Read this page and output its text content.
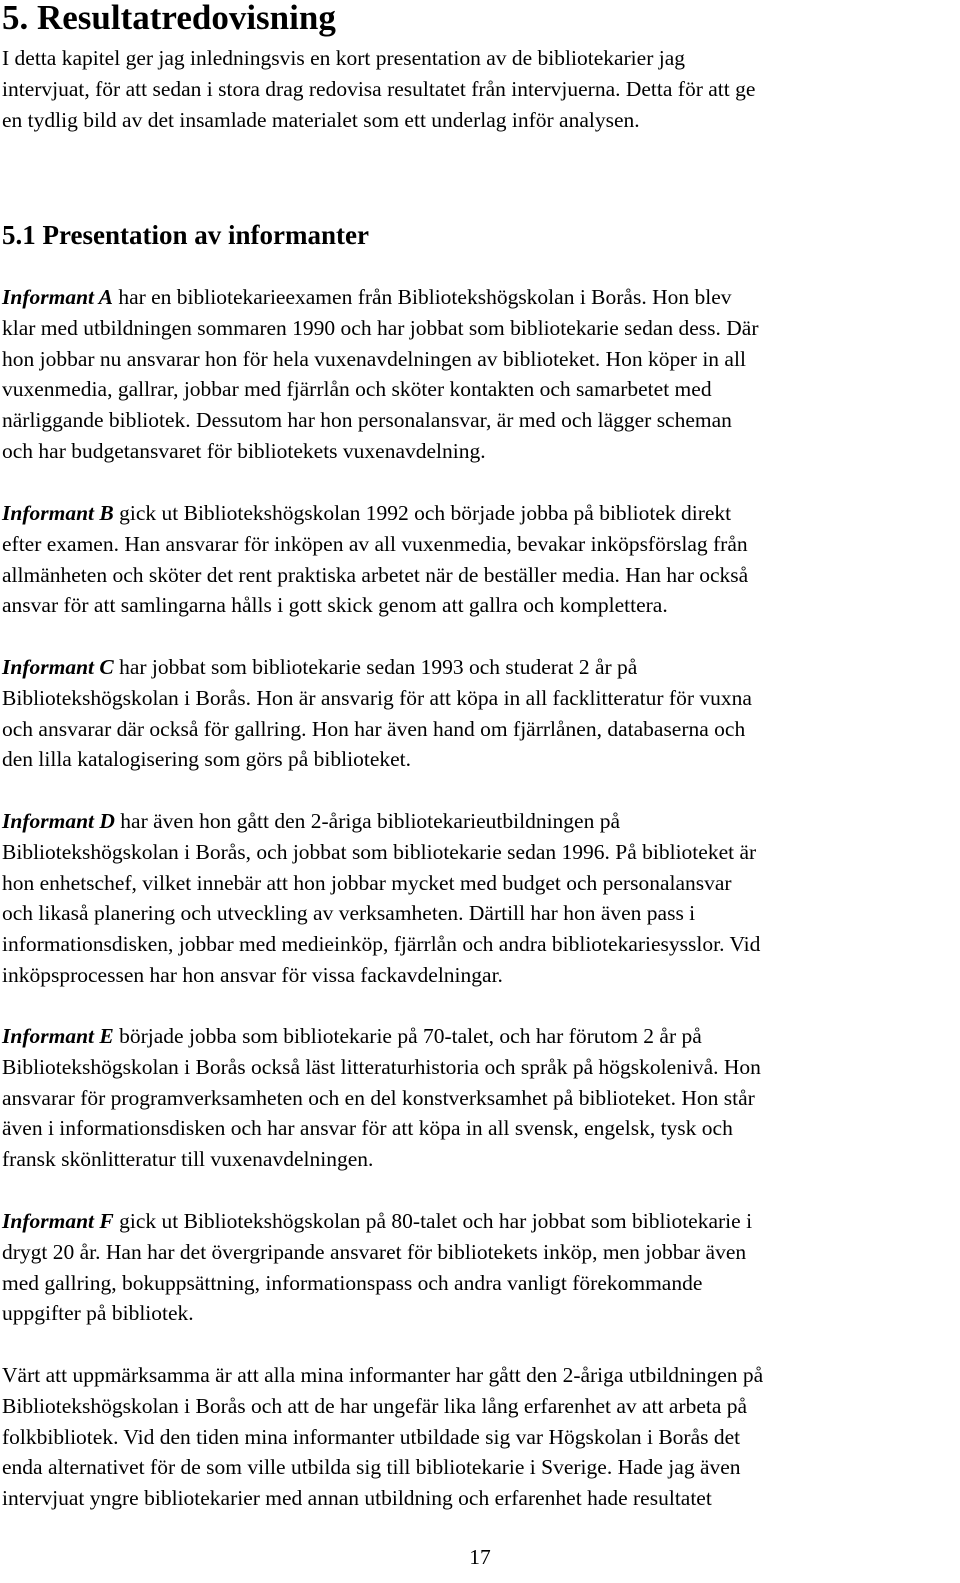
5. Resultatredovisning
I detta kapitel ger jag inledningsvis en kort presentation av de bibliotekarier jag
intervjuat, för att sedan i stora drag redovisa resultatet från intervjuerna. Detta för att ge
en tydlig bild av det insamlade materialet som ett underlag inför analysen.
5.1 Presentation av informanter
Informant A har en bibliotekarieexamen från Bibliotekshögskolan i Borås. Hon blev
klar med utbildningen sommaren 1990 och har jobbat som bibliotekarie sedan dess. Där
hon jobbar nu ansvarar hon för hela vuxenavdelningen av biblioteket. Hon köper in all
vuxenmedia, gallrar, jobbar med fjärrlån och sköter kontakten och samarbetet med
närliggande bibliotek. Dessutom har hon personalansvar, är med och lägger scheman
och har budgetansvaret för bibliotekets vuxenavdelning.
Informant B gick ut Bibliotekshögskolan 1992 och började jobba på bibliotek direkt
efter examen. Han ansvarar för inköpen av all vuxenmedia, bevakar inköpsförslag från
allmänheten och sköter det rent praktiska arbetet när de beställer media. Han har också
ansvar för att samlingarna hålls i gott skick genom att gallra och komplettera.
Informant C har jobbat som bibliotekarie sedan 1993 och studerat 2 år på
Bibliotekshögskolan i Borås. Hon är ansvarig för att köpa in all facklitteratur för vuxna
och ansvarar där också för gallring. Hon har även hand om fjärrlånen, databaserna och
den lilla katalogisering som görs på biblioteket.
Informant D har även hon gått den 2-åriga bibliotekarieutbildningen på
Bibliotekshögskolan i Borås, och jobbat som bibliotekarie sedan 1996. På biblioteket är
hon enhetschef, vilket innebär att hon jobbar mycket med budget och personalansvar
och likaså planering och utveckling av verksamheten. Därtill har hon även pass i
informationsdisken, jobbar med medieinköp, fjärrlån och andra bibliotekariesysslor. Vid
inköpsprocessen har hon ansvar för vissa fackavdelningar.
Informant E började jobba som bibliotekarie på 70-talet, och har förutom 2 år på
Bibliotekshögskolan i Borås också läst litteraturhistoria och språk på högskolenivå. Hon
ansvarar för programverksamheten och en del konstverksamhet på biblioteket. Hon står
även i informationsdisken och har ansvar för att köpa in all svensk, engelsk, tysk och
fransk skönlitteratur till vuxenavdelningen.
Informant F gick ut Bibliotekshögskolan på 80-talet och har jobbat som bibliotekarie i
drygt 20 år. Han har det övergripande ansvaret för bibliotekets inköp, men jobbar även
med gallring, bokuppsättning, informationspass och andra vanligt förekommande
uppgifter på bibliotek.
Värt att uppmärksamma är att alla mina informanter har gått den 2-åriga utbildningen på
Bibliotekshögskolan i Borås och att de har ungefär lika lång erfarenhet av att arbeta på
folkbibliotek. Vid den tiden mina informanter utbildade sig var Högskolan i Borås det
enda alternativet för de som ville utbilda sig till bibliotekarie i Sverige. Hade jag även
intervjuat yngre bibliotekarier med annan utbildning och erfarenhet hade resultatet
17
